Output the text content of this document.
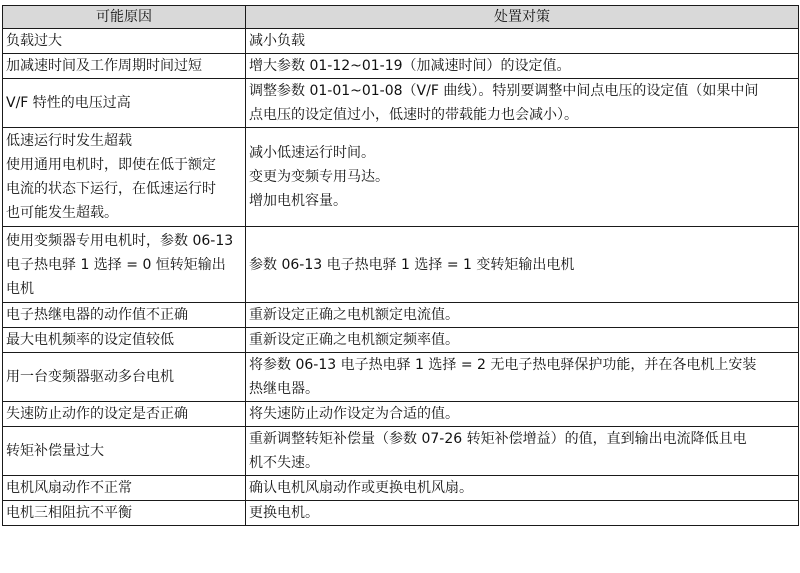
可能原因	处置对策

负载过大	减小负载

加减速时间及工作周期时间过短	增大参数 01-12~01-19（加减速时间）的设定值。

V/F 特性的电压过高	调整参数 01-01~01-08（V/F 曲线）。特别要调整中间点电压的设定值（如果中间
点电压的设定值过小，低速时的带载能力也会减小）。

低速运行时发生超载
使用通用电机时，即使在低于额定
电流的状态下运行，在低速运行时
也可能发生超载。	减小低速运行时间。
变更为变频专用马达。
增加电机容量。

使用变频器专用电机时，参数 06-13
电子热电驿 1 选择 = 0 恒转矩输出
电机	参数 06-13 电子热电驿 1 选择 = 1 变转矩输出电机

电子热继电器的动作值不正确	重新设定正确之电机额定电流值。

最大电机频率的设定值较低	重新设定正确之电机额定频率值。

用一台变频器驱动多台电机	将参数 06-13 电子热电驿 1 选择 = 2 无电子热电驿保护功能，并在各电机上安装
热继电器。

失速防止动作的设定是否正确	将失速防止动作设定为合适的值。

转矩补偿量过大	重新调整转矩补偿量（参数 07-26 转矩补偿增益）的值，直到输出电流降低且电
机不失速。

电机风扇动作不正常	确认电机风扇动作或更换电机风扇。

电机三相阻抗不平衡	更换电机。
